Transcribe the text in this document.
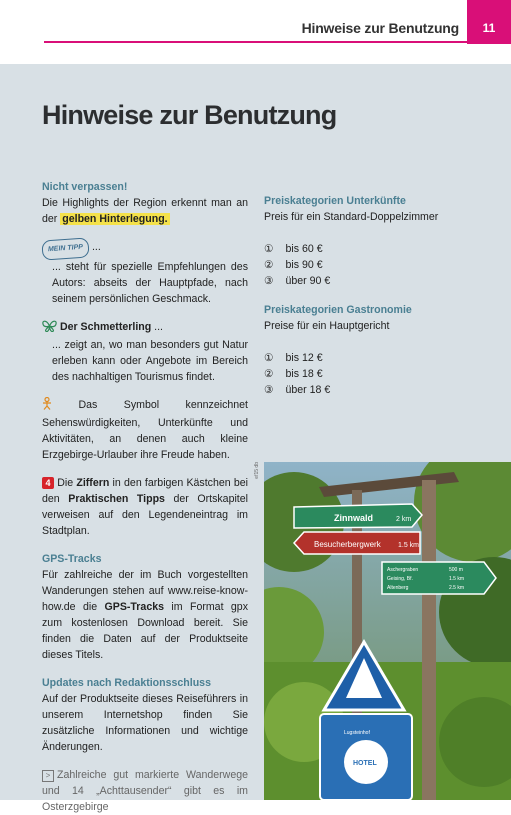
Hinweise zur Benutzung	11
Hinweise zur Benutzung
Nicht verpassen!

Die Highlights der Region erkennt man an der gelben Hinterlegung.

MEIN TIPP ...

... steht für spezielle Empfehlungen des Autors: abseits der Hauptpfade, nach seinem persönlichen Geschmack.

Der Schmetterling ...

... zeigt an, wo man besonders gut Natur erleben kann oder Angebote im Bereich des nachhaltigen Tourismus findet.

Das Symbol kennzeichnet Sehenswürdigkeiten, Unterkünfte und Aktivitäten, an denen auch kleine Erzgebirge-Urlauber ihre Freude haben.

4 Die Ziffern in den farbigen Kästchen bei den Praktischen Tipps der Ortskapitel verweisen auf den Legendeneintrag im Stadtplan.

GPS-Tracks

Für zahlreiche der im Buch vorgestellten Wanderungen stehen auf www.reise-know-how.de die GPS-Tracks im Format gpx zum kostenlosen Download bereit. Sie finden die Daten auf der Produktseite dieses Titels.

Updates nach Redaktionsschluss

Auf der Produktseite dieses Reiseführers in unserem Internetshop finden Sie zusätzliche Informationen und wichtige Änderungen.

> Zahlreiche gut markierte Wanderwege und 14 „Achttausender“ gibt es im Osterzgebirge

Preiskategorien Unterkünfte
Preis für ein Standard-Doppelzimmer
① bis 60 €
② bis 90 €
③ über 90 €
Preiskategorien Gastronomie
Preise für ein Hauptgericht
① bis 12 €
② bis 18 €
③ über 18 €
ef15 db
Zinnwald	2 km
Besucherbergwerk 1.5 km
Aschergraben	500 m
Geising, Bf.	1.5 km
Altenberg	2.5 km
Lugsteinhof
HOTEL
